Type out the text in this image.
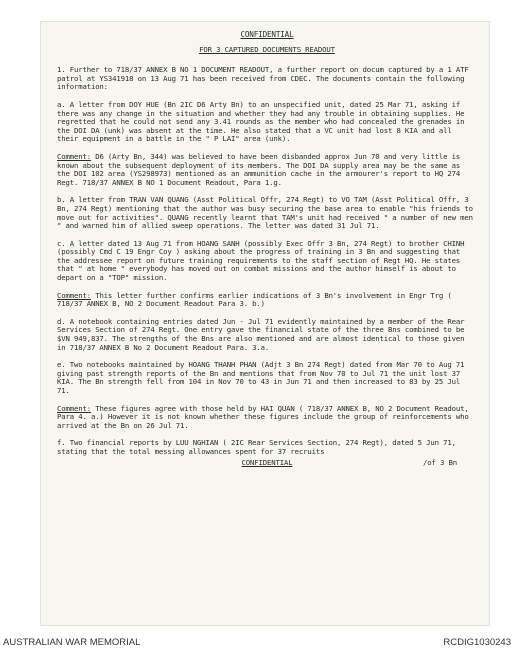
CONFIDENTIAL
FOR 3 CAPTURED DOCUMENTS READOUT

1. Further to 718/37 ANNEX B NO 1 DOCUMENT READOUT, a further report on docum captured by a 1 ATF patrol at YS341918 on 13 Aug 71 has been received from CDEC. The documents contain the following information:

a. A letter from DOY HUE (Bn 2IC D6 Arty Bn) to an unspecified unit, dated 25 Mar 71, asking if there was any change in the situation and whether they had any trouble in obtaining supplies. He regretted that he could not send any 3.41 rounds as the member who had concealed the grenades in the DOI DA (unk) was absent at the time. He also stated that a VC unit had lost 8 KIA and all their equipment in a battle in the " P LAI" area (unk).

Comment: D6 (Arty Bn, 344) was believed to have been disbanded approx Jun 70 and very little is known about the subsequent deployment of its members. The DOI DA supply area may be the same as the DOI 102 area (YS298973) mentioned as an ammunition cache in the armourer's report to HQ 274 Regt. 718/37 ANNEX B NO 1 Document Readout, Para 1.g.

b. A letter from TRAN VAN QUANG (Asst Political Offr, 274 Regt) to VO TAM (Asst Political Offr, 3 Bn, 274 Regt) mentioning that the author was busy securing the base area to enable "his friends to move out for activities". QUANG recently learnt that TAM's unit had received " a number of new men " and warned him of allied sweep operations. The letter was dated 31 Jul 71.

c. A letter dated 13 Aug 71 from HOANG SANH (possibly Exec Offr 3 Bn, 274 Regt) to brother CHINH (possibly Cmd C 19 Engr Coy ) asking about the progress of training in 3 Bn and suggesting that the addressee report on future training requirements to the staff section of Regt HQ. He states that " at home " everybody has moved out on combat missions and the author himself is about to depart on a "TOP" mission.

Comment: This letter further confirms earlier indications of 3 Bn's involvement in Engr Trg ( 718/37 ANNEX B, NO 2 Document Readout Para 3. b.)

d. A notebook containing entries dated Jun - Jul 71 evidently maintained by a member of the Rear Services Section of 274 Regt. One entry gave the financial state of the three Bns combined to be $VN 949,837. The strengths of the Bns are also mentioned and are almost identical to those given in 718/37 ANNEX B No 2 Document Readout Para. 3.a.

e. Two notebooks maintained by HOANG THANH PHAN (Adjt 3 Bn 274 Regt) dated from Mar 70 to Aug 71 giving past strength reports of the Bn and mentions that from Nov 70 to Jul 71 the unit lost 37 KIA. The Bn strength fell from 104 in Nov 70 to 43 in Jun 71 and then increased to 83 by 25 Jul 71.

Comment: These figures agree with those held by HAI QUAN ( 718/37 ANNEX B, NO 2 Document Readout, Para 4. a.) However it is not known whether these figures include the group of reinforcements who arrived at the Bn on 26 Jul 71.

f. Two financial reports by LUU NGHIAN ( 2IC Rear Services Section, 274 Regt), dated 5 Jun 71, stating that the total messing allowances spent for 37 recruits

CONFIDENTIAL	/of 3 Bn
AUSTRALIAN WAR MEMORIAL	RCDIG1030243
